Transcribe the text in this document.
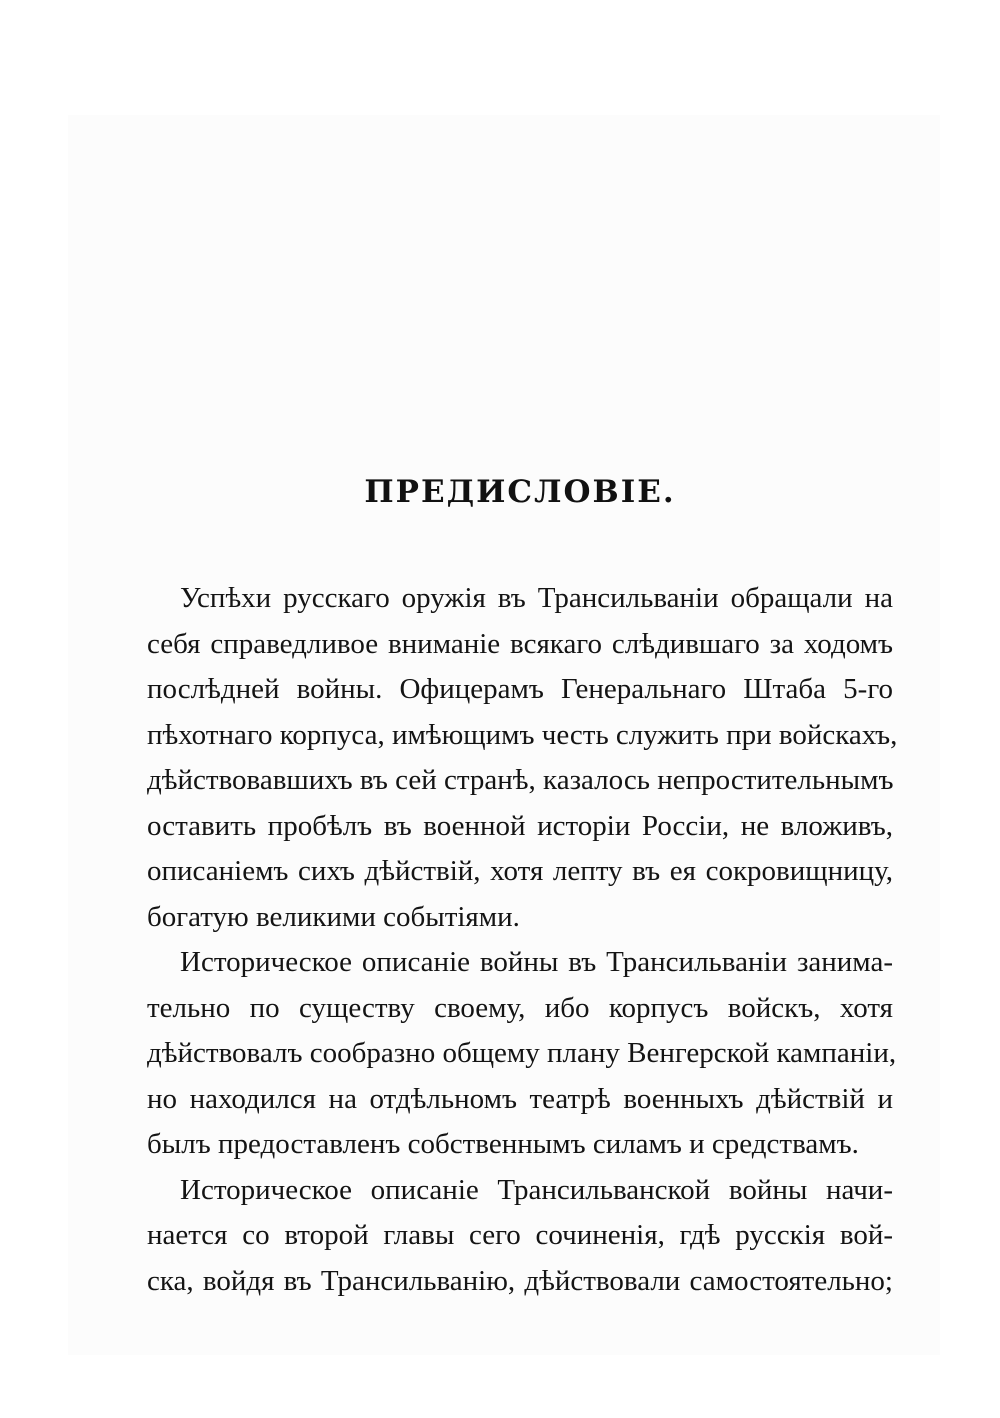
ПРЕДИСЛОВІЕ.
Успѣхи русскаго оружія въ Трансильваніи обращали на
себя справедливое вниманіе всякаго слѣдившаго за ходомъ
послѣдней войны. Офицерамъ Генеральнаго Штаба 5-го
пѣхотнаго корпуса, имѣющимъ честь служить при войскахъ,
дѣйствовавшихъ въ сей странѣ, казалось непростительнымъ
оставить пробѣлъ въ военной исторіи Россіи, не вложивъ,
описаніемъ сихъ дѣйствій, хотя лепту въ ея сокровищницу,
богатую великими событіями.
Историческое описаніе войны въ Трансильваніи занима-
тельно по существу своему, ибо корпусъ войскъ, хотя
дѣйствовалъ сообразно общему плану Венгерской кампаніи,
но находился на отдѣльномъ театрѣ военныхъ дѣйствій и
былъ предоставленъ собственнымъ силамъ и средствамъ.
Историческое описаніе Трансильванской войны начи-
нается со второй главы сего сочиненія, гдѣ русскія вой-
ска, войдя въ Трансильванію, дѣйствовали самостоятельно;
